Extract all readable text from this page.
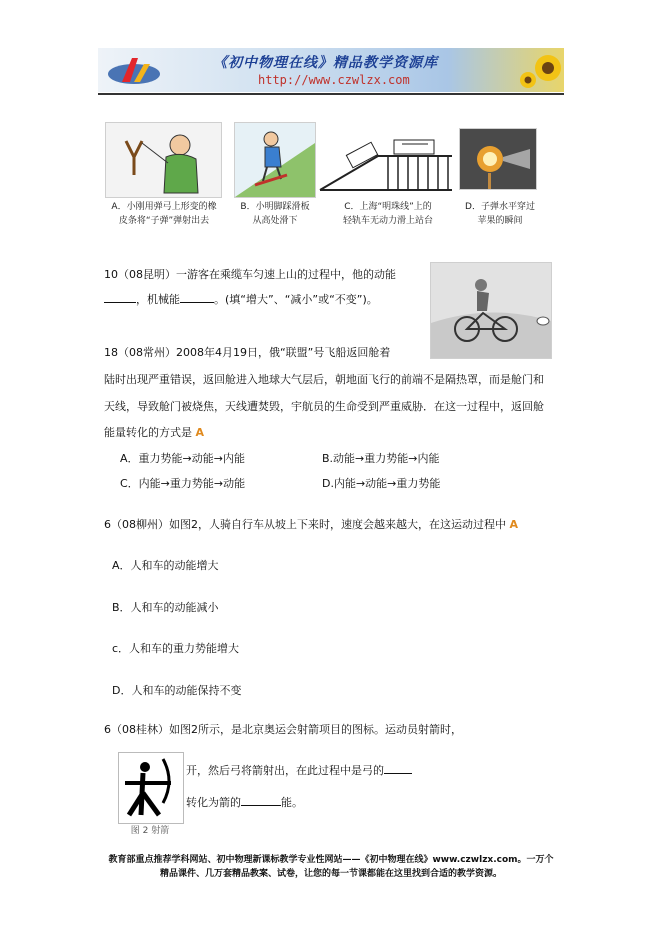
《初中物理在线》精品教学资源库
http://www.czwlzx.com
A．小刚用弹弓上形变的橡
皮条将“子弹”弹射出去
B．小明脚踩滑板
从高处滑下
C．上海“明珠线”上的
轻轨车无动力滑上站台
D．子弹水平穿过
苹果的瞬间
10（08昆明）一游客在乘缆车匀速上山的过程中，他的动能
，机械能	。(填“增大”、“减小”或“不变”)。
18（08常州）2008年4月19日，俄“联盟”号飞船返回舱着
陆时出现严重错误，返回舱进入地球大气层后，朝地面飞行的前端不是隔热罩，而是舱门和
天线，导致舱门被烧焦，天线遭焚毁，宇航员的生命受到严重威胁．在这一过程中，返回舱
能量转化的方式是 A
A．重力势能→动能→内能	B.动能→重力势能→内能
C．内能→重力势能→动能	D.内能→动能→重力势能
6（08柳州）如图2，人骑自行车从坡上下来时，速度会越来越大，在这运动过程中 A
A．人和车的动能增大
B．人和车的动能减小
c．人和车的重力势能增大
D．人和车的动能保持不变
6（08桂林）如图2所示，是北京奥运会射箭项目的图标。运动员射箭时，
图 2 射箭
开，然后弓将箭射出，在此过程中是弓的
转化为箭的	能。
教育部重点推荐学科网站、初中物理新课标教学专业性网站——《初中物理在线》www.czwlzx.com。一万个
精品课件、几万套精品教案、试卷，让您的每一节课都能在这里找到合适的教学资源。
